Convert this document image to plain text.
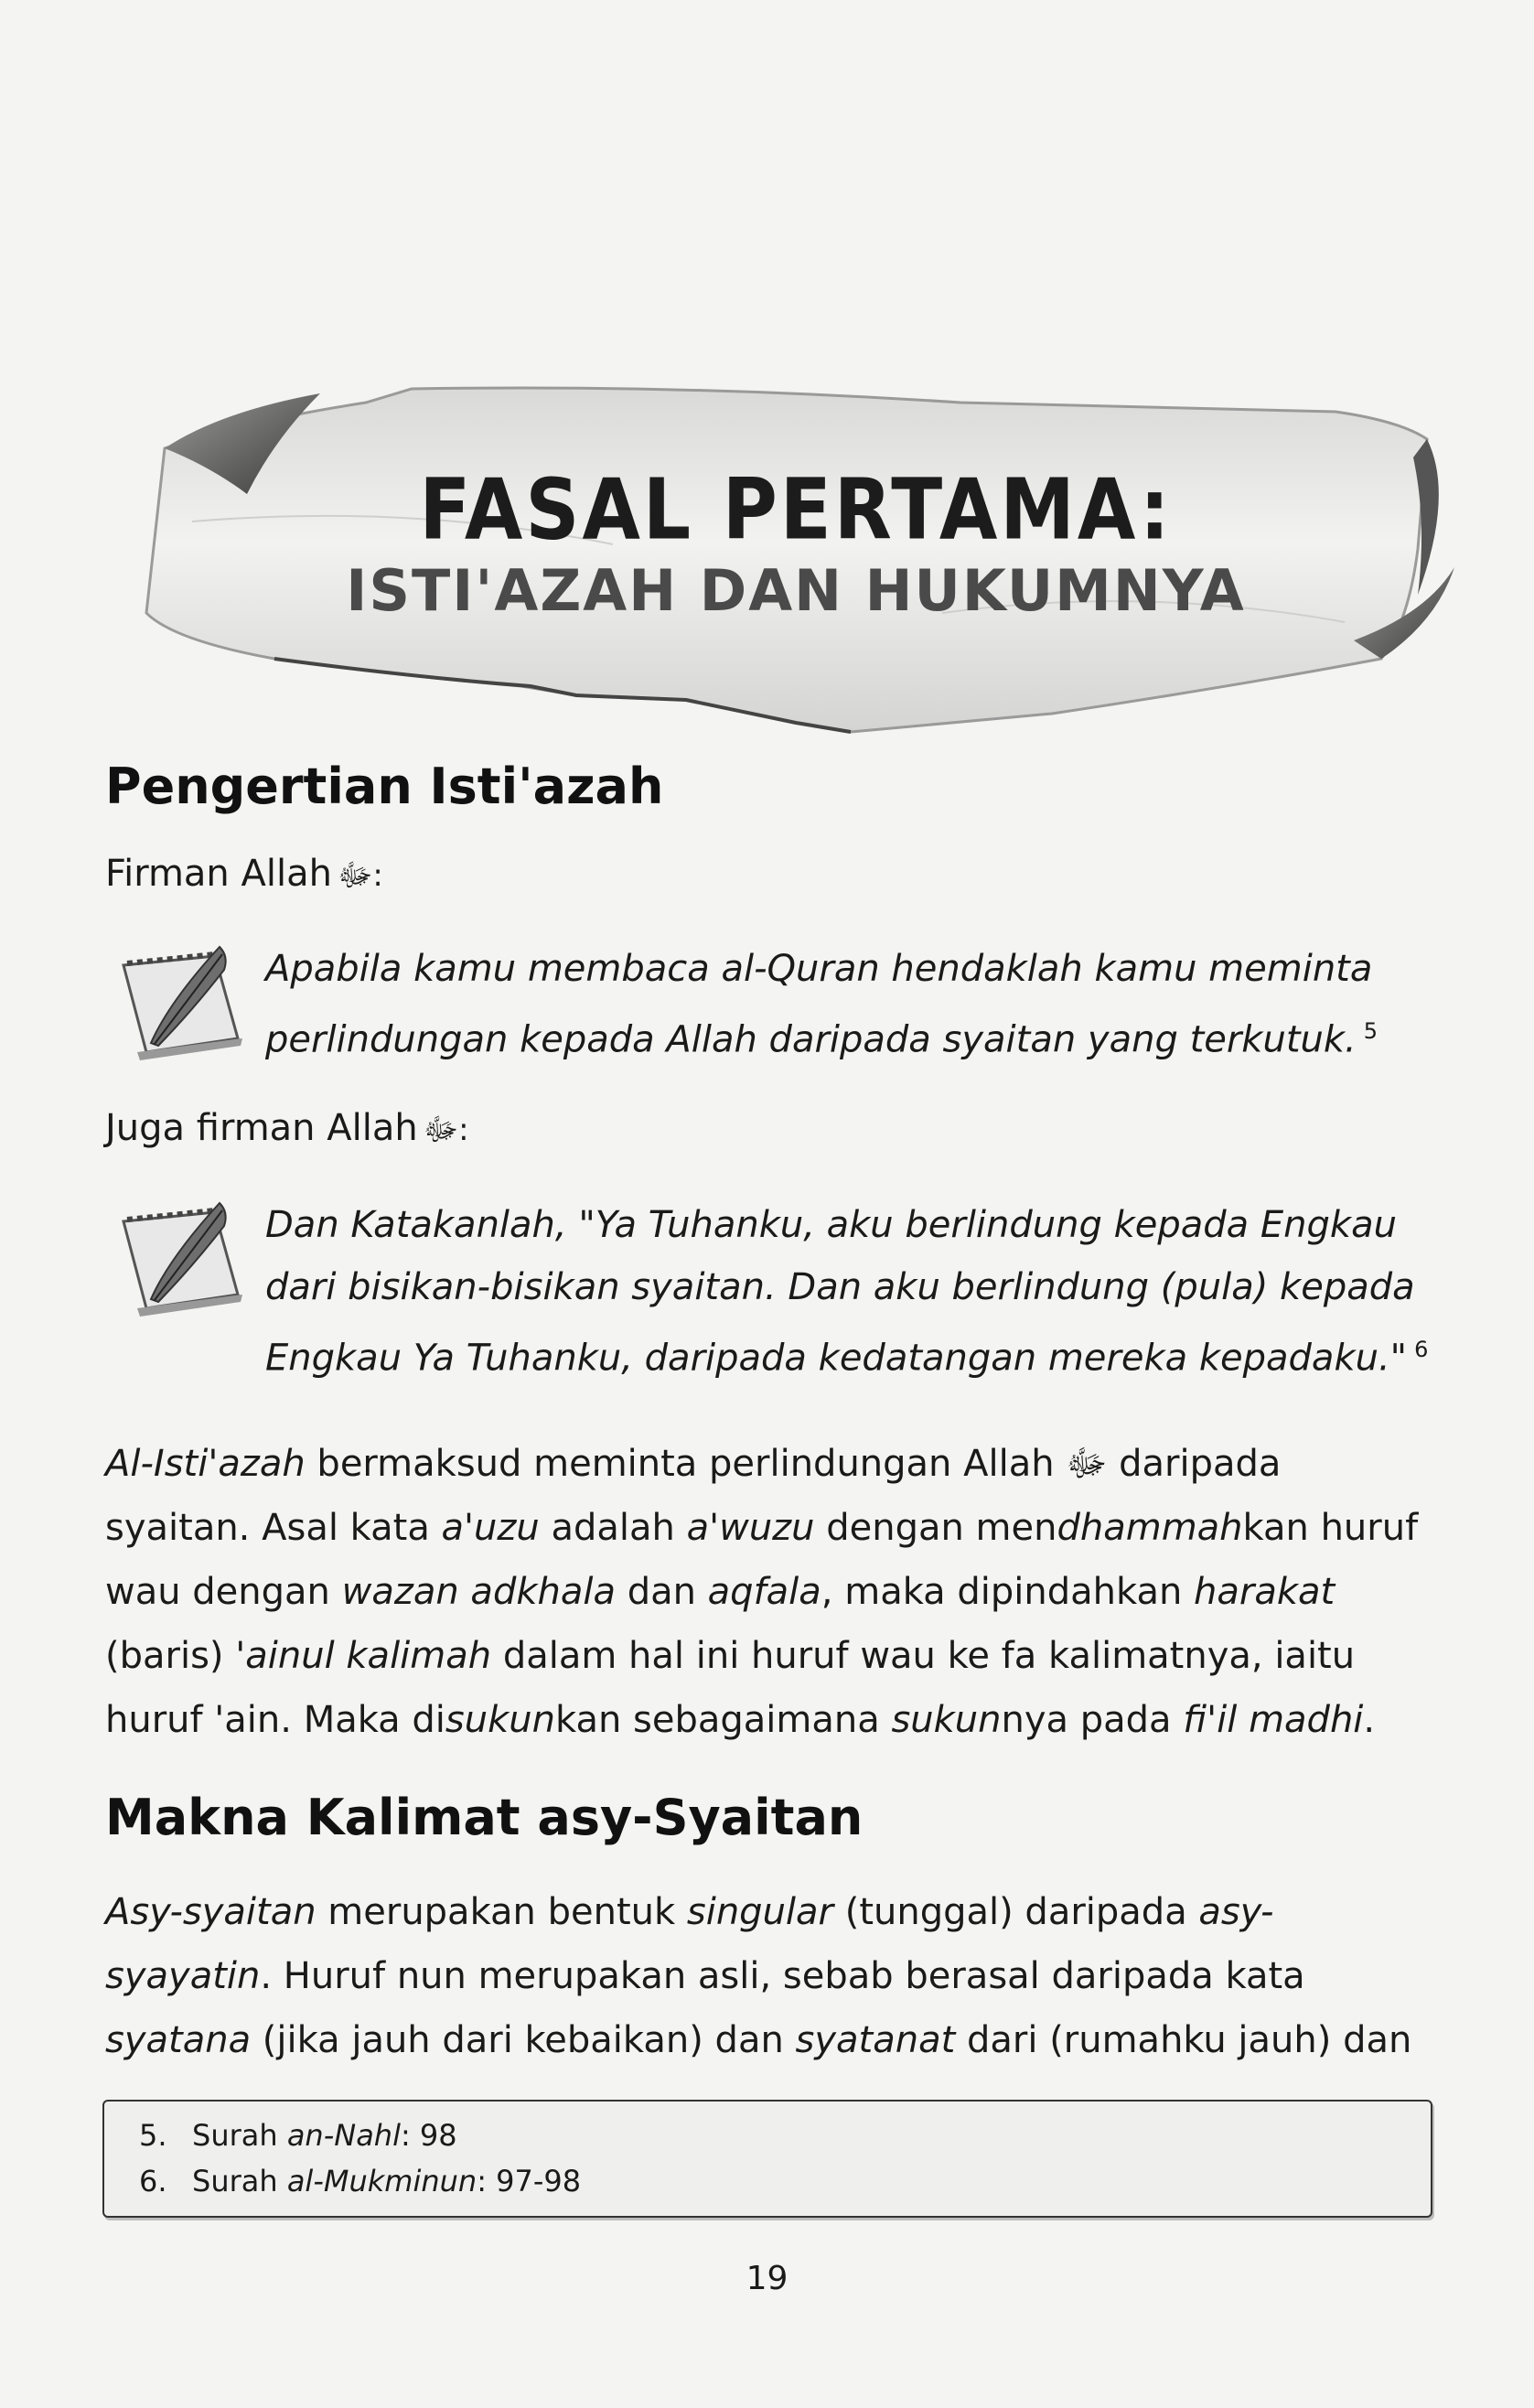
FASAL PERTAMA:
ISTI'AZAH DAN HUKUMNYA
Pengertian Isti'azah
Firman Allah ﷻ:
Apabila kamu membaca al-Quran hendaklah kamu meminta perlindungan kepada Allah daripada syaitan yang terkutuk. $^5$
Juga firman Allah ﷻ:
Dan Katakanlah, "Ya Tuhanku, aku berlindung kepada Engkau dari bisikan-bisikan syaitan. Dan aku berlindung (pula) kepada Engkau Ya Tuhanku, daripada kedatangan mereka kepadaku." $^6$
Al-Isti'azah bermaksud meminta perlindungan Allah ﷻ daripada syaitan. Asal kata a'uzu adalah a'wuzu dengan mendhammahkan huruf wau dengan wazan adkhala dan aqfala, maka dipindahkan harakat (baris) 'ainul kalimah dalam hal ini huruf wau ke fa kalimatnya, iaitu huruf 'ain. Maka disukunkan sebagaimana sukunnya pada fi'il madhi.
Makna Kalimat asy-Syaitan
Asy-syaitan merupakan bentuk singular (tunggal) daripada asy-syayatin. Huruf nun merupakan asli, sebab berasal daripada kata syatana (jika jauh dari kebaikan) dan syatanat dari (rumahku jauh) dan
5. Surah an-Nahl: 98
6. Surah al-Mukminun: 97-98
19
